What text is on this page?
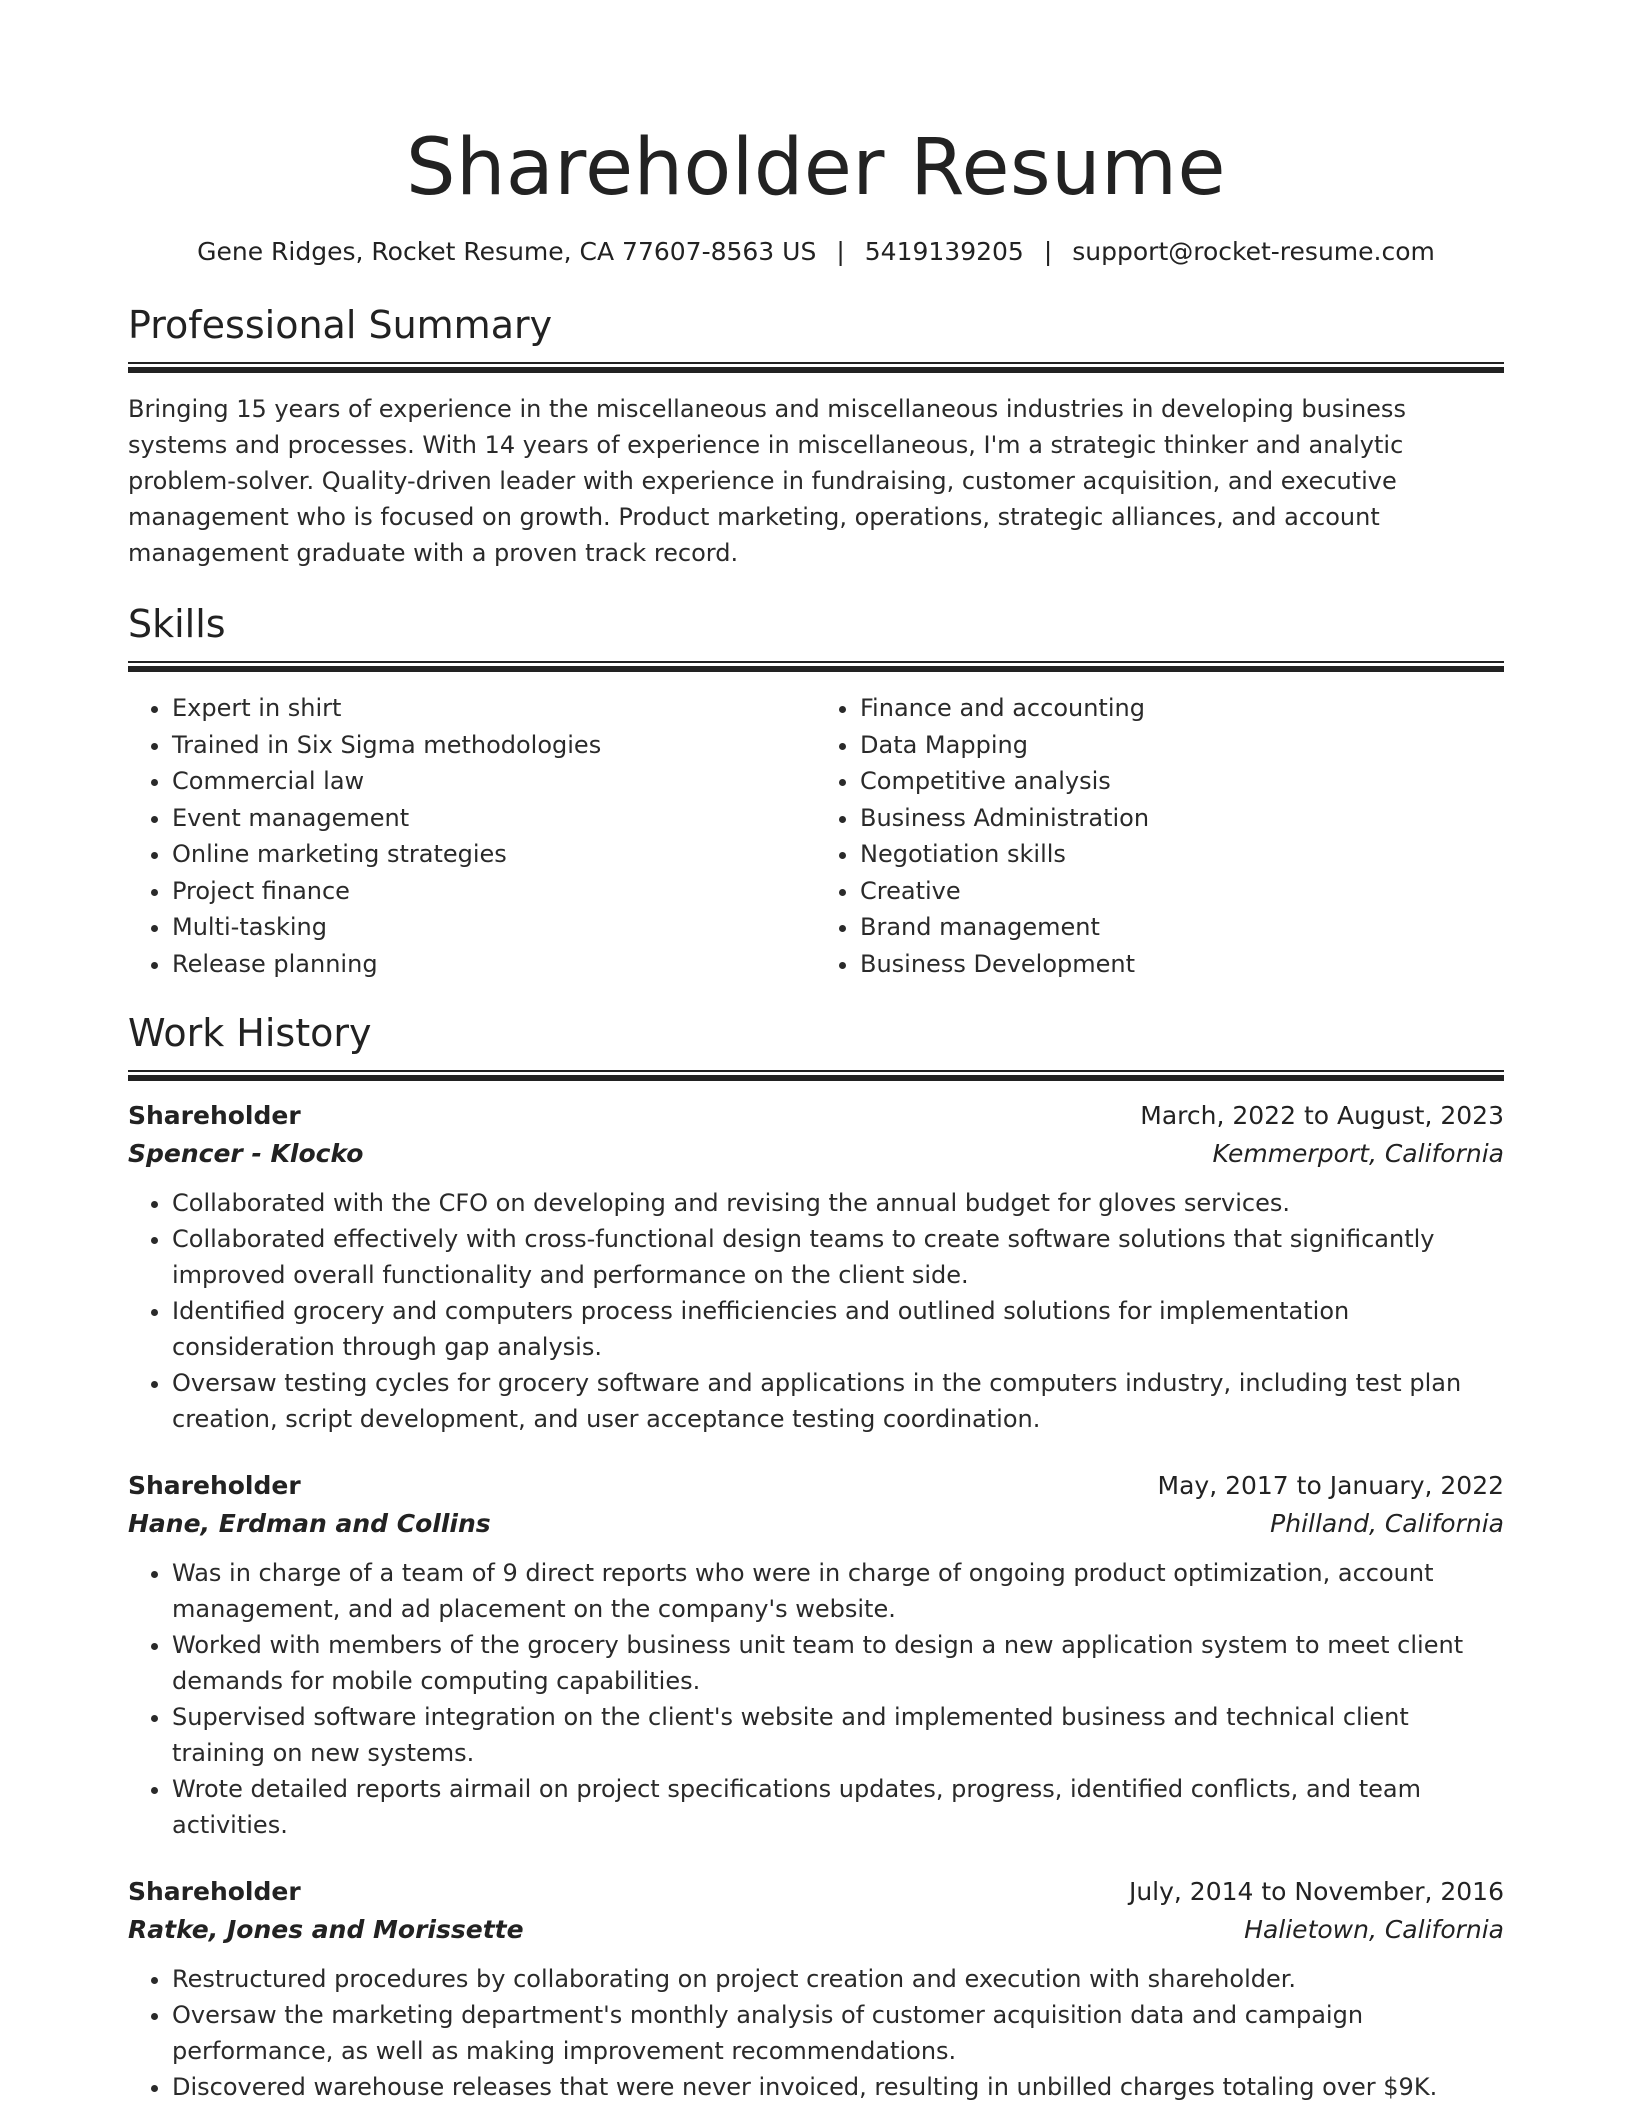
Shareholder Resume
Gene Ridges, Rocket Resume, CA 77607-8563 US | 5419139205 | support@rocket-resume.com
Professional Summary

Bringing 15 years of experience in the miscellaneous and miscellaneous industries in developing business systems and processes. With 14 years of experience in miscellaneous, I'm a strategic thinker and analytic problem-solver. Quality-driven leader with experience in fundraising, customer acquisition, and executive management who is focused on growth. Product marketing, operations, strategic alliances, and account management graduate with a proven track record.

Skills
• Expert in shirt
• Trained in Six Sigma methodologies
• Commercial law
• Event management
• Online marketing strategies
• Project finance
• Multi-tasking
• Release planning
• Finance and accounting
• Data Mapping
• Competitive analysis
• Business Administration
• Negotiation skills
• Creative
• Brand management
• Business Development
Work History
Shareholder	March, 2022 to August, 2023
Spencer - Klocko	Kemmerport, California
• Collaborated with the CFO on developing and revising the annual budget for gloves services.
• Collaborated effectively with cross-functional design teams to create software solutions that significantly improved overall functionality and performance on the client side.
• Identified grocery and computers process inefficiencies and outlined solutions for implementation consideration through gap analysis.
• Oversaw testing cycles for grocery software and applications in the computers industry, including test plan creation, script development, and user acceptance testing coordination.
Shareholder	May, 2017 to January, 2022
Hane, Erdman and Collins	Philland, California
• Was in charge of a team of 9 direct reports who were in charge of ongoing product optimization, account management, and ad placement on the company's website.
• Worked with members of the grocery business unit team to design a new application system to meet client demands for mobile computing capabilities.
• Supervised software integration on the client's website and implemented business and technical client training on new systems.
• Wrote detailed reports airmail on project specifications updates, progress, identified conflicts, and team activities.
Shareholder	July, 2014 to November, 2016
Ratke, Jones and Morissette	Halietown, California
• Restructured procedures by collaborating on project creation and execution with shareholder.
• Oversaw the marketing department's monthly analysis of customer acquisition data and campaign performance, as well as making improvement recommendations.
• Discovered warehouse releases that were never invoiced, resulting in unbilled charges totaling over $9K.
